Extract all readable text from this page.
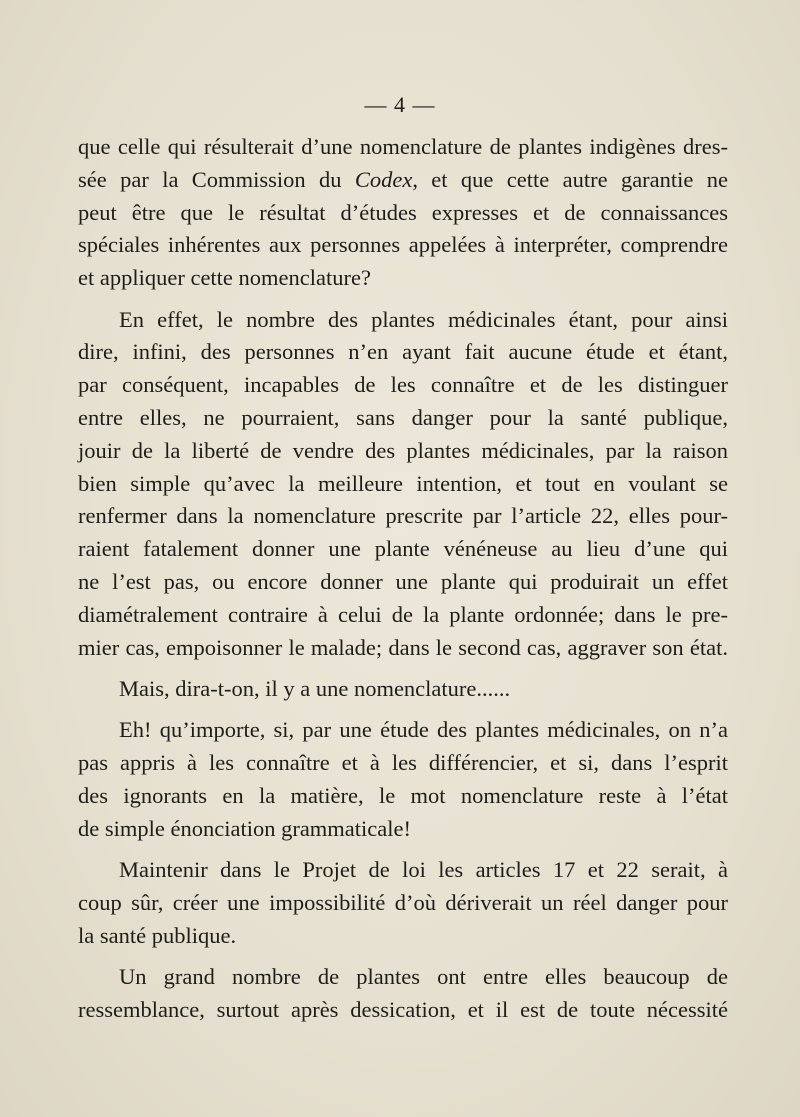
— 4 —
que celle qui résulterait d’une nomenclature de plantes indigènes dres-
sée par la Commission du Codex, et que cette autre garantie ne
peut être que le résultat d’études expresses et de connaissances
spéciales inhérentes aux personnes appelées à interpréter, comprendre
et appliquer cette nomenclature?
En effet, le nombre des plantes médicinales étant, pour ainsi
dire, infini, des personnes n’en ayant fait aucune étude et étant,
par conséquent, incapables de les connaître et de les distinguer
entre elles, ne pourraient, sans danger pour la santé publique,
jouir de la liberté de vendre des plantes médicinales, par la raison
bien simple qu’avec la meilleure intention, et tout en voulant se
renfermer dans la nomenclature prescrite par l’article 22, elles pour-
raient fatalement donner une plante vénéneuse au lieu d’une qui
ne l’est pas, ou encore donner une plante qui produirait un effet
diamétralement contraire à celui de la plante ordonnée; dans le pre-
mier cas, empoisonner le malade; dans le second cas, aggraver son état.
Mais, dira-t-on, il y a une nomenclature......
Eh! qu’importe, si, par une étude des plantes médicinales, on n’a
pas appris à les connaître et à les différencier, et si, dans l’esprit
des ignorants en la matière, le mot nomenclature reste à l’état
de simple énonciation grammaticale!
Maintenir dans le Projet de loi les articles 17 et 22 serait, à
coup sûr, créer une impossibilité d’où dériverait un réel danger pour
la santé publique.
Un grand nombre de plantes ont entre elles beaucoup de
ressemblance, surtout après dessication, et il est de toute nécessité
